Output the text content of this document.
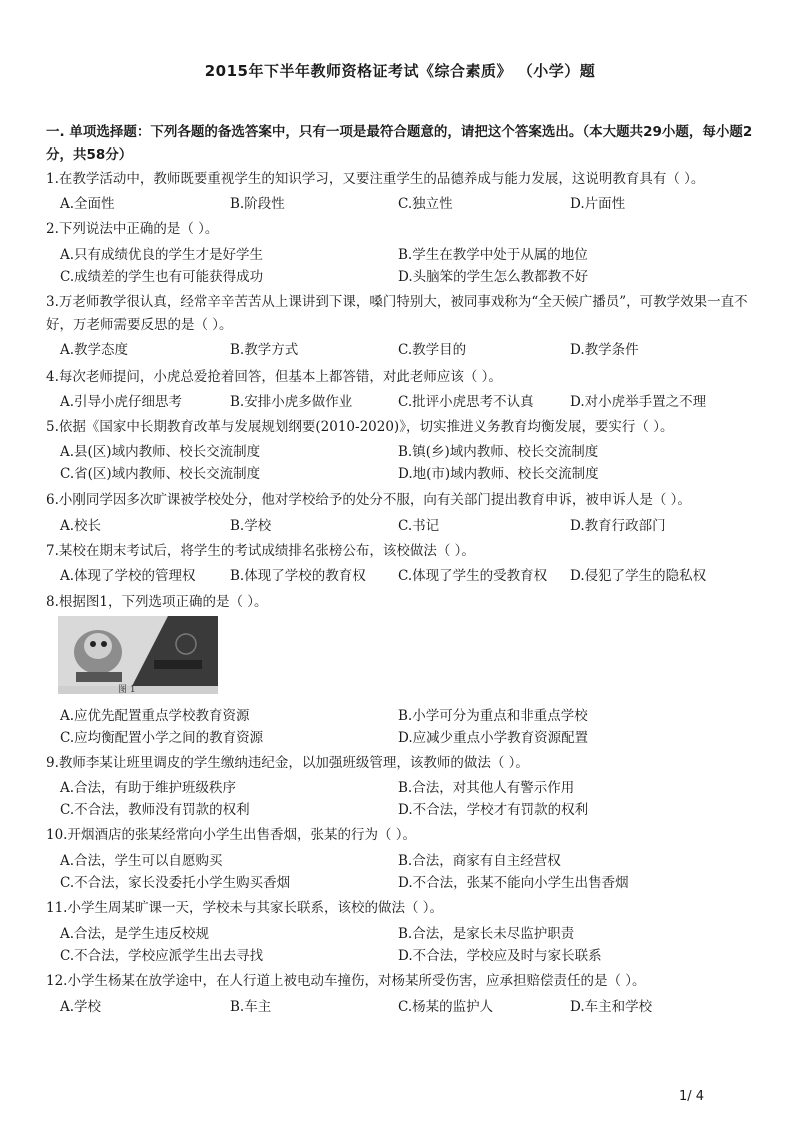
2015年下半年教师资格证考试《综合素质》 （小学）题
一. 单项选择题：下列各题的备选答案中，只有一项是最符合题意的，请把这个答案选出。（本大题共29小题，每小题2分，共58分）
1.在教学活动中，教师既要重视学生的知识学习，又要注重学生的品德养成与能力发展，这说明教育具有（ ）。
A.全面性	B.阶段性	C.独立性	D.片面性
2.下列说法中正确的是（ ）。
A.只有成绩优良的学生才是好学生	B.学生在教学中处于从属的地位
C.成绩差的学生也有可能获得成功	D.头脑笨的学生怎么教都教不好
3.万老师教学很认真，经常辛辛苦苦从上课讲到下课，嗓门特别大，被同事戏称为“全天候广播员”，可教学效果一直不好，万老师需要反思的是（ ）。
A.教学态度	B.教学方式	C.教学目的	D.教学条件
4.每次老师提问，小虎总爱抢着回答，但基本上都答错，对此老师应该（ ）。
A.引导小虎仔细思考	B.安排小虎多做作业	C.批评小虎思考不认真	D.对小虎举手置之不理
5.依据《国家中长期教育改革与发展规划纲要(2010-2020)》，切实推进义务教育均衡发展，要实行（ ）。
A.县(区)域内教师、校长交流制度	B.镇(乡)域内教师、校长交流制度
C.省(区)域内教师、校长交流制度	D.地(市)域内教师、校长交流制度
6.小刚同学因多次旷课被学校处分，他对学校给予的处分不服，向有关部门提出教育申诉，被申诉人是（ ）。
A.校长	B.学校	C.书记	D.教育行政部门
7.某校在期末考试后，将学生的考试成绩排名张榜公布，该校做法（ ）。
A.体现了学校的管理权	B.体现了学校的教育权 C.体现了学生的受教育权 D.侵犯了学生的隐私权
8.根据图1，下列选项正确的是（ ）。
图 1
A.应优先配置重点学校教育资源	B.小学可分为重点和非重点学校
C.应均衡配置小学之间的教育资源	D.应减少重点小学教育资源配置
9.教师李某让班里调皮的学生缴纳违纪金，以加强班级管理，该教师的做法（ ）。
A.合法，有助于维护班级秩序	B.合法，对其他人有警示作用
C.不合法，教师没有罚款的权利	D.不合法，学校才有罚款的权利
10.开烟酒店的张某经常向小学生出售香烟，张某的行为（ ）。
A.合法，学生可以自愿购买	B.合法，商家有自主经营权
C.不合法，家长没委托小学生购买香烟	D.不合法，张某不能向小学生出售香烟
11.小学生周某旷课一天，学校未与其家长联系，该校的做法（ ）。
A.合法，是学生违反校规	B.合法，是家长未尽监护职责
C.不合法，学校应派学生出去寻找	D.不合法，学校应及时与家长联系
12.小学生杨某在放学途中，在人行道上被电动车撞伤，对杨某所受伤害，应承担赔偿责任的是（ ）。
A.学校	B.车主	C.杨某的监护人	D.车主和学校
1/ 4
